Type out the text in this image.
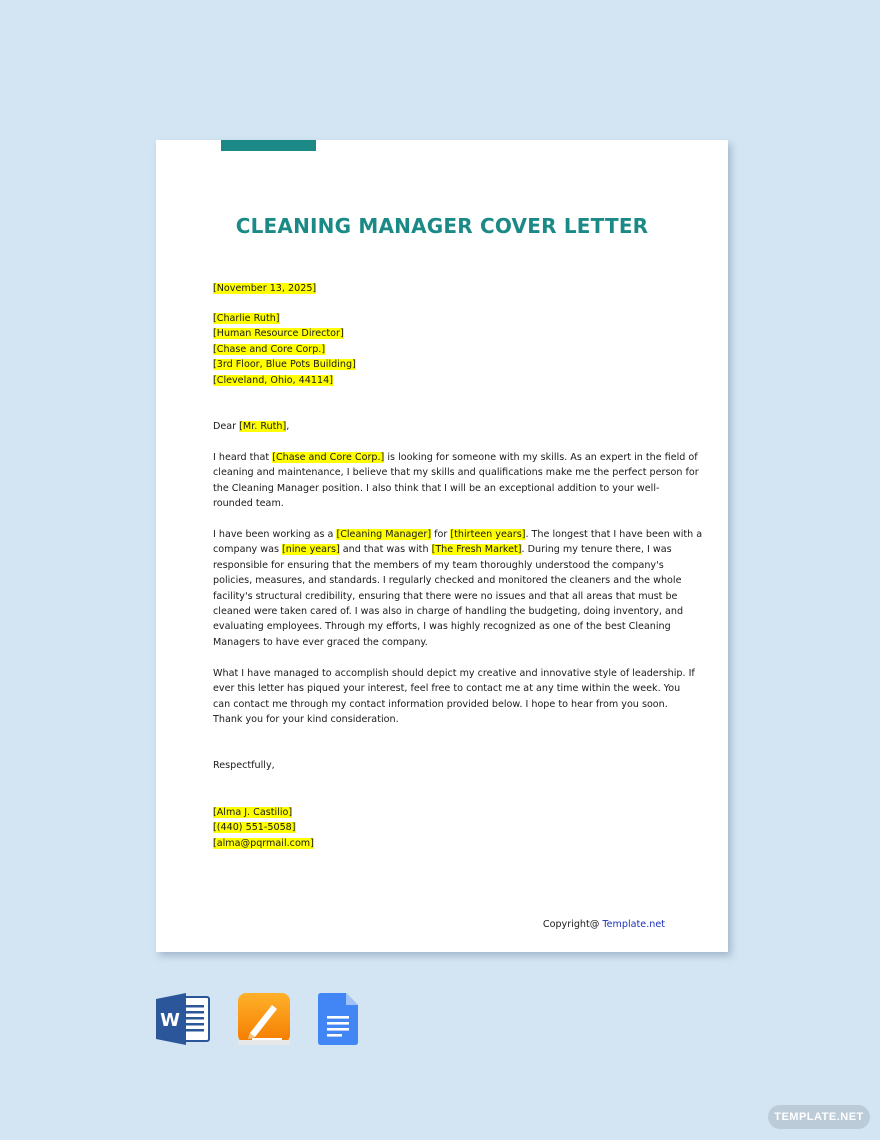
CLEANING MANAGER COVER LETTER
[November 13, 2025]
[Charlie Ruth]
[Human Resource Director]
[Chase and Core Corp.]
[3rd Floor, Blue Pots Building]
[Cleveland, Ohio, 44114]
Dear [Mr. Ruth],
I heard that [Chase and Core Corp.] is looking for someone with my skills. As an expert in the field of
cleaning and maintenance, I believe that my skills and qualifications make me the perfect person for
the Cleaning Manager position. I also think that I will be an exceptional addition to your well-
rounded team.
I have been working as a [Cleaning Manager] for [thirteen years]. The longest that I have been with a
company was [nine years] and that was with [The Fresh Market]. During my tenure there, I was
responsible for ensuring that the members of my team thoroughly understood the company's
policies, measures, and standards. I regularly checked and monitored the cleaners and the whole
facility's structural credibility, ensuring that there were no issues and that all areas that must be
cleaned were taken cared of. I was also in charge of handling the budgeting, doing inventory, and
evaluating employees. Through my efforts, I was highly recognized as one of the best Cleaning
Managers to have ever graced the company.
What I have managed to accomplish should depict my creative and innovative style of leadership. If
ever this letter has piqued your interest, feel free to contact me at any time within the week. You
can contact me through my contact information provided below. I hope to hear from you soon.
Thank you for your kind consideration.
Respectfully,
[Alma J. Castilio]
[(440) 551-5058]
[alma@pqrmail.com]
Copyright@ Template.net
W
TEMPLATE.NET
